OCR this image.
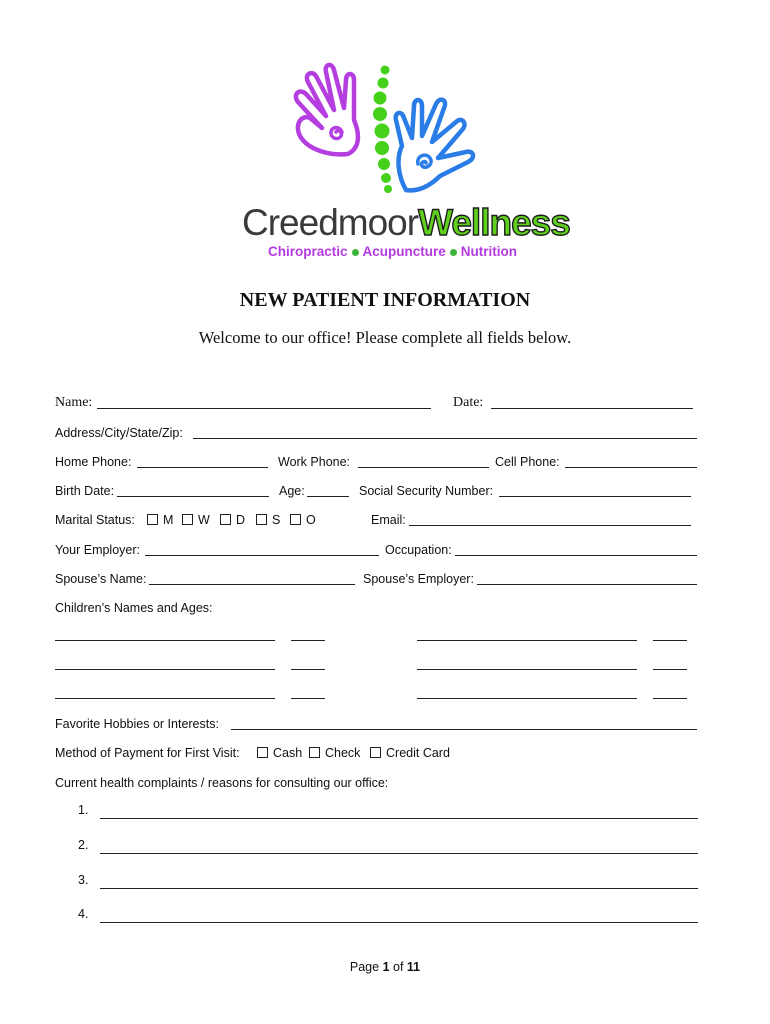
CreedmoorWellness
Chiropractic Acupuncture Nutrition
NEW PATIENT INFORMATION
Welcome to our office! Please complete all fields below.
Name:	Date:
Address/City/State/Zip:
Home Phone:	Work Phone:	Cell Phone:
Birth Date:	Age:	Social Security Number:
Marital Status:	M	W	D	S	O	Email:
Your Employer:	Occupation:
Spouse’s Name:	Spouse’s Employer:
Children’s Names and Ages:
Favorite Hobbies or Interests:
Method of Payment for First Visit:	Cash	Check	Credit Card
Current health complaints / reasons for consulting our office:
1.
2.
3.
4.
Page 1 of 11
